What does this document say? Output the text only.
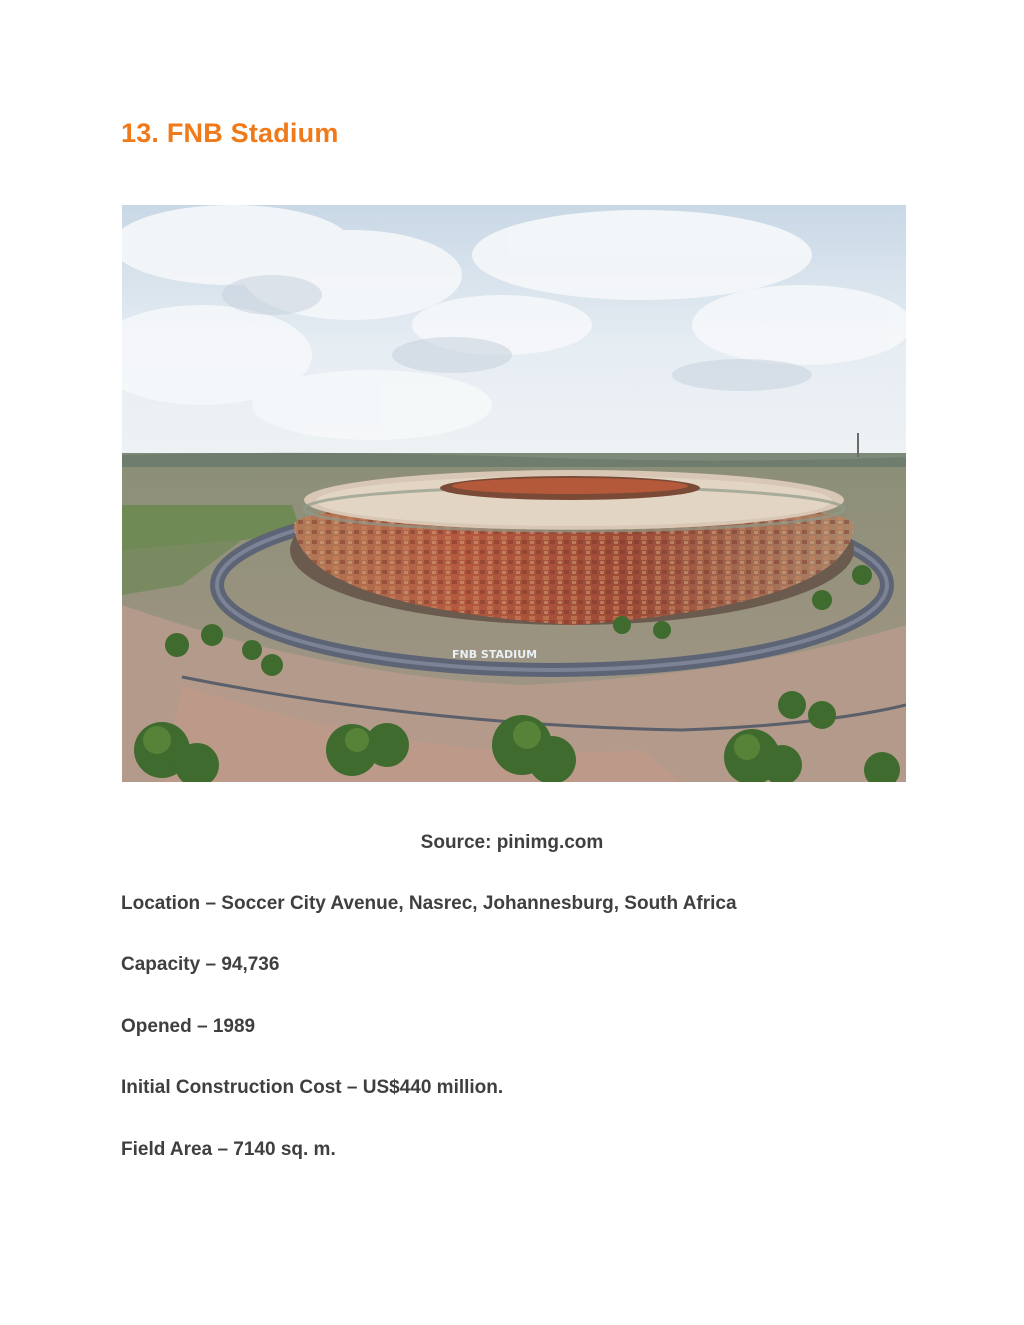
13. FNB Stadium
FNB STADIUM
Source: pinimg.com
Location – Soccer City Avenue, Nasrec, Johannesburg, South Africa
Capacity – 94,736
Opened – 1989
Initial Construction Cost – US$440 million.
Field Area – 7140 sq. m.
